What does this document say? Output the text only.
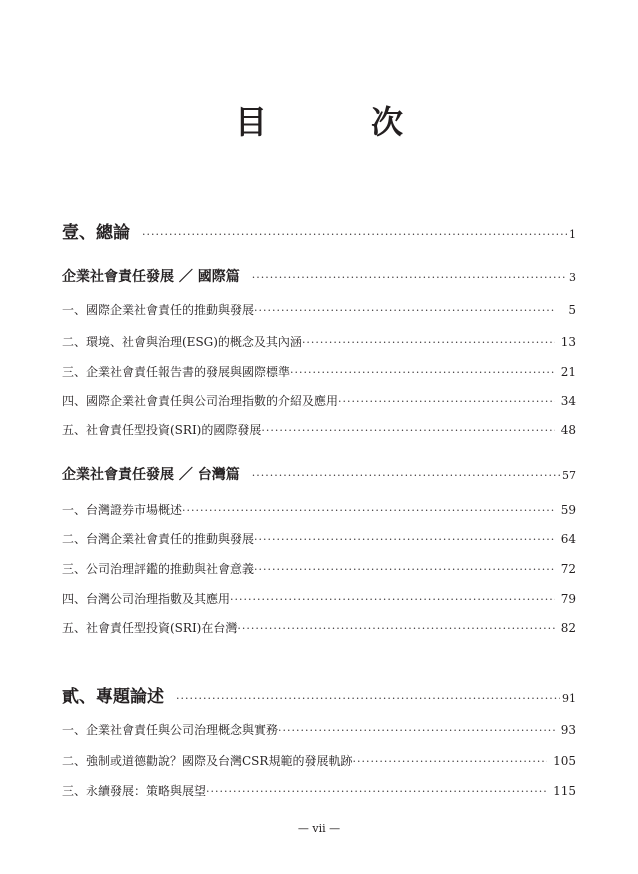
目　次
壹、總論 ·····	1
企業社會責任發展 ／ 國際篇 ·····	3
一、國際企業社會責任的推動與發展 ·····	5
二、環境、社會與治理(ESG)的概念及其內涵 ·····	13
三、企業社會責任報告書的發展與國際標準 ·····	21
四、國際企業社會責任與公司治理指數的介紹及應用 ·····	34
五、社會責任型投資(SRI)的國際發展 ·····	48
企業社會責任發展 ／ 台灣篇 ·····	57
一、台灣證券市場概述 ·····	59
二、台灣企業社會責任的推動與發展 ·····	64
三、公司治理評鑑的推動與社會意義 ·····	72
四、台灣公司治理指數及其應用 ·····	79
五、社會責任型投資(SRI)在台灣 ·····	82
貳、專題論述 ·····	91
一、企業社會責任與公司治理概念與實務 ·····	93
二、強制或道德勸說？國際及台灣CSR規範的發展軌跡 ·····	105
三、永續發展：策略與展望 ·····	115
— vii —
